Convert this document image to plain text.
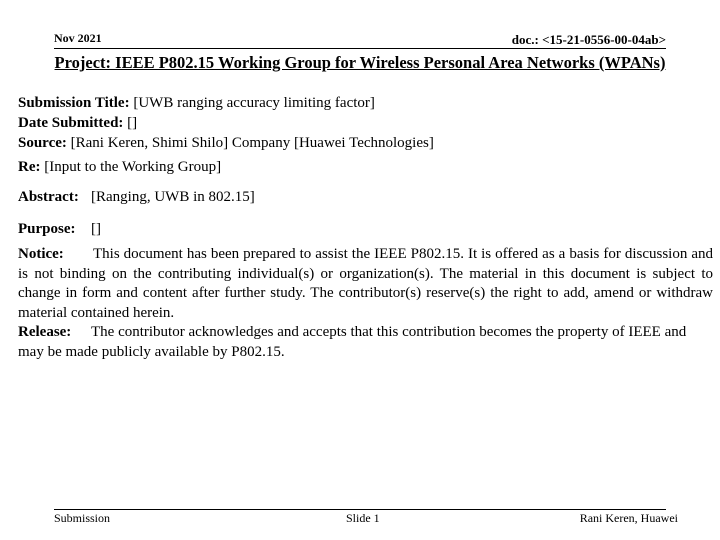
Nov 2021	doc.: <15-21-0556-00-04ab>
Project: IEEE P802.15 Working Group for Wireless Personal Area Networks (WPANs)
Submission Title: [UWB ranging accuracy limiting factor]
Date Submitted: []
Source: [Rani Keren, Shimi Shilo] Company [Huawei Technologies]
Re: [Input to the Working Group]
Abstract: [Ranging, UWB in 802.15]
Purpose: []
Notice: This document has been prepared to assist the IEEE P802.15. It is offered as a basis for discussion and is not binding on the contributing individual(s) or organization(s). The material in this document is subject to change in form and content after further study. The contributor(s) reserve(s) the right to add, amend or withdraw material contained herein.
Release: The contributor acknowledges and accepts that this contribution becomes the property of IEEE and may be made publicly available by P802.15.
Submission	Slide 1	Rani Keren, Huawei
